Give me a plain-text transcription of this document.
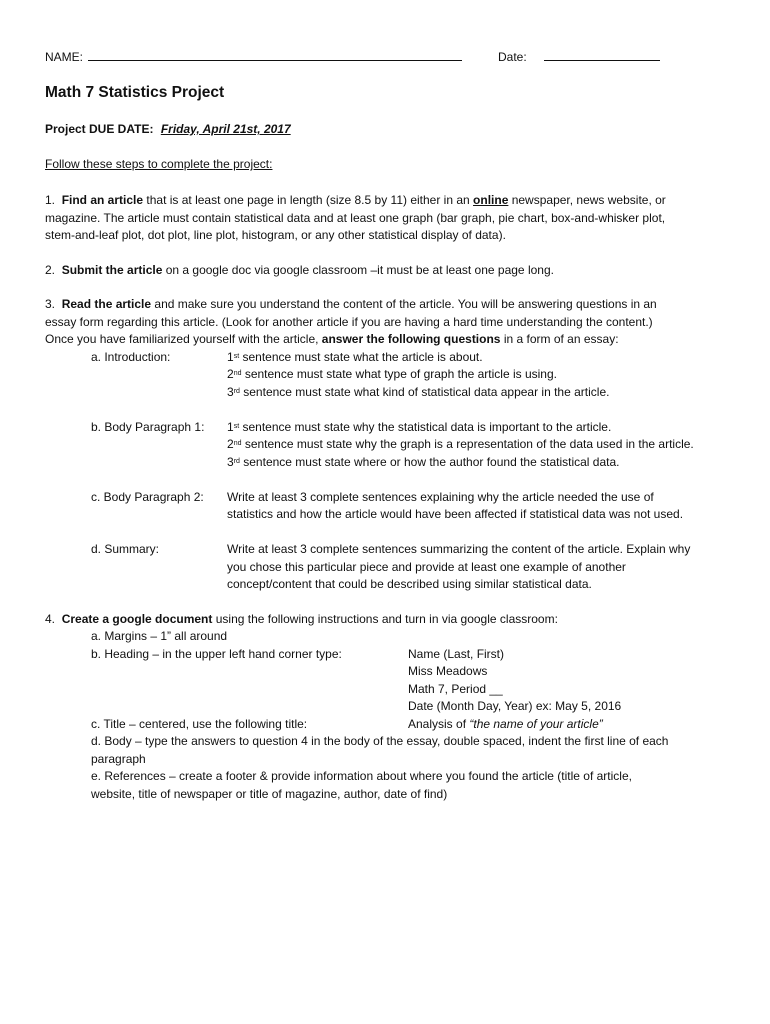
NAME:	Date:
Math 7 Statistics Project
Project DUE DATE: Friday, April 21st, 2017
Follow these steps to complete the project:
1. Find an article that is at least one page in length (size 8.5 by 11) either in an online newspaper, news website, or
magazine. The article must contain statistical data and at least one graph (bar graph, pie chart, box-and-whisker plot,
stem-and-leaf plot, dot plot, line plot, histogram, or any other statistical display of data).
2. Submit the article on a google doc via google classroom –it must be at least one page long.
3. Read the article and make sure you understand the content of the article. You will be answering questions in an
essay form regarding this article. (Look for another article if you are having a hard time understanding the content.)
Once you have familiarized yourself with the article, answer the following questions in a form of an essay:
a. Introduction:	1st sentence must state what the article is about.
2nd sentence must state what type of graph the article is using.
3rd sentence must state what kind of statistical data appear in the article.
b. Body Paragraph 1: 1st sentence must state why the statistical data is important to the article.
2nd sentence must state why the graph is a representation of the data used in the article.
3rd sentence must state where or how the author found the statistical data.
c. Body Paragraph 2: Write at least 3 complete sentences explaining why the article needed the use of
statistics and how the article would have been affected if statistical data was not used.
d. Summary:	Write at least 3 complete sentences summarizing the content of the article. Explain why
you chose this particular piece and provide at least one example of another
concept/content that could be described using similar statistical data.
4. Create a google document using the following instructions and turn in via google classroom:
a. Margins – 1” all around
b. Heading – in the upper left hand corner type:	Name (Last, First)
Miss Meadows
Math 7, Period __
Date (Month Day, Year) ex: May 5, 2016
c. Title – centered, use the following title:	Analysis of “the name of your article”
d. Body – type the answers to question 4 in the body of the essay, double spaced, indent the first line of each
paragraph
e. References – create a footer & provide information about where you found the article (title of article,
website, title of newspaper or title of magazine, author, date of find)
